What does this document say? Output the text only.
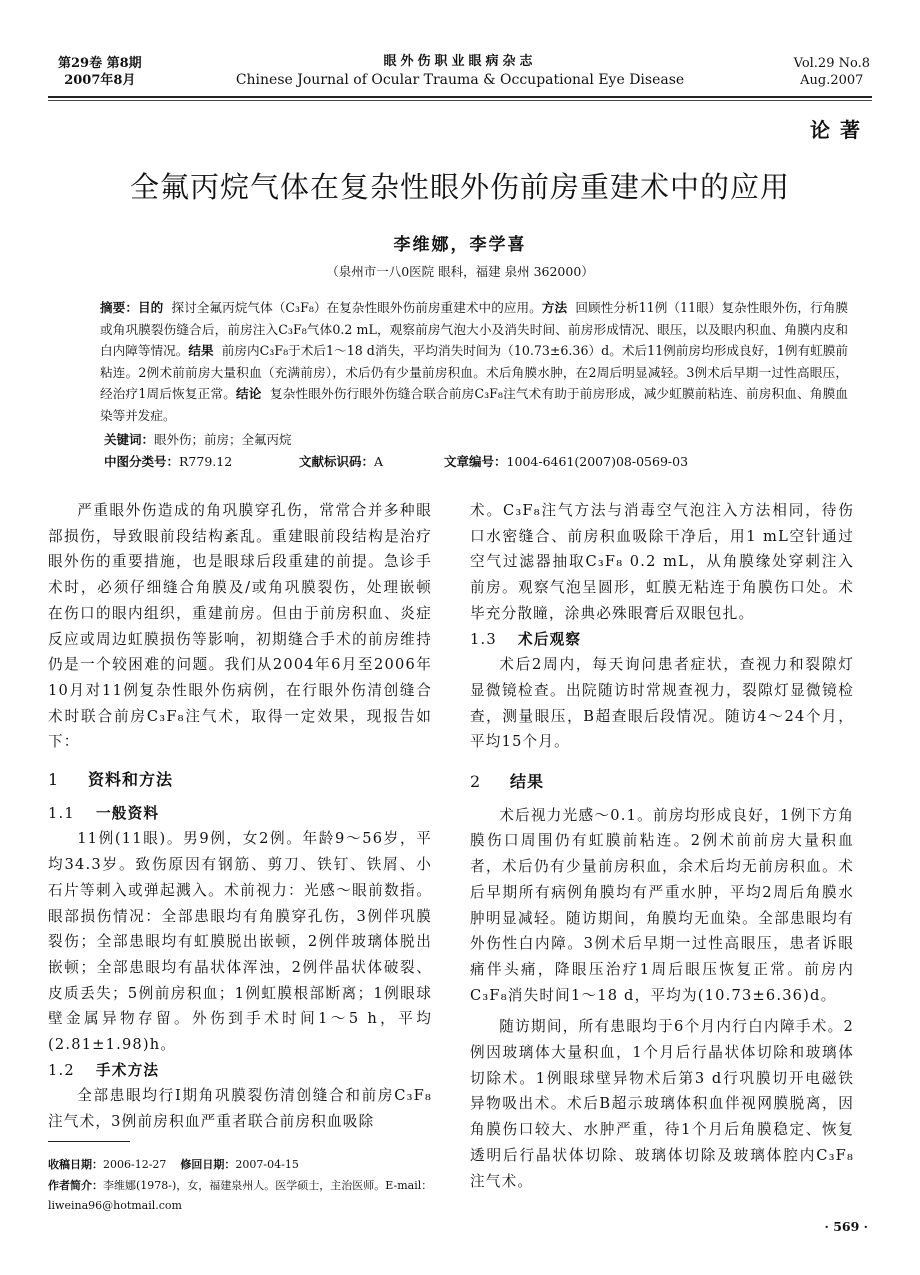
第29卷 第8期
2007年8月
眼外伤职业眼病杂志
Chinese Journal of Ocular Trauma & Occupational Eye Disease
Vol.29 No.8
Aug.2007
论著
全氟丙烷气体在复杂性眼外伤前房重建术中的应用
李维娜，李学喜
（泉州市一八0医院 眼科，福建 泉州 362000）
摘要：目的 探讨全氟丙烷气体（C₃F₈）在复杂性眼外伤前房重建术中的应用。方法 回顾性分析11例（11眼）复杂性眼外伤，行角膜或角巩膜裂伤缝合后，前房注入C₃F₈气体0.2 mL，观察前房气泡大小及消失时间、前房形成情况、眼压，以及眼内积血、角膜内皮和白内障等情况。结果 前房内C₃F₈于术后1～18 d消失，平均消失时间为（10.73±6.36）d。术后11例前房均形成良好，1例有虹膜前粘连。2例术前前房大量积血（充满前房），术后仍有少量前房积血。术后角膜水肿，在2周后明显减轻。3例术后早期一过性高眼压，经治疗1周后恢复正常。结论 复杂性眼外伤行眼外伤缝合联合前房C₃F₈注气术有助于前房形成，减少虹膜前粘连、前房积血、角膜血染等并发症。
关键词：眼外伤；前房；全氟丙烷
中图分类号：R779.12	文献标识码：A	文章编号：1004-6461(2007)08-0569-03

严重眼外伤造成的角巩膜穿孔伤，常常合并多种眼部损伤，导致眼前段结构紊乱。重建眼前段结构是治疗眼外伤的重要措施，也是眼球后段重建的前提。急诊手术时，必须仔细缝合角膜及/或角巩膜裂伤，处理嵌顿在伤口的眼内组织，重建前房。但由于前房积血、炎症反应或周边虹膜损伤等影响，初期缝合手术的前房维持仍是一个较困难的问题。我们从2004年6月至2006年10月对11例复杂性眼外伤病例，在行眼外伤清创缝合术时联合前房C₃F₈注气术，取得一定效果，现报告如下：

1 资料和方法
1.1 一般资料

11例(11眼)。男9例，女2例。年龄9～56岁，平均34.3岁。致伤原因有钢筋、剪刀、铁钉、铁屑、小石片等刺入或弹起溅入。术前视力：光感～眼前数指。眼部损伤情况：全部患眼均有角膜穿孔伤，3例伴巩膜裂伤；全部患眼均有虹膜脱出嵌顿，2例伴玻璃体脱出嵌顿；全部患眼均有晶状体浑浊，2例伴晶状体破裂、皮质丢失；5例前房积血；1例虹膜根部断离；1例眼球壁金属异物存留。外伤到手术时间1～5 h，平均(2.81±1.98)h。

1.2 手术方法

全部患眼均行Ⅰ期角巩膜裂伤清创缝合和前房C₃F₈注气术，3例前房积血严重者联合前房积血吸除

术。C₃F₈注气方法与消毒空气泡注入方法相同，待伤口水密缝合、前房积血吸除干净后，用1 mL空针通过空气过滤器抽取C₃F₈ 0.2 mL，从角膜缘处穿刺注入前房。观察气泡呈圆形，虹膜无粘连于角膜伤口处。术毕充分散瞳，涂典必殊眼膏后双眼包扎。

1.3 术后观察

术后2周内，每天询问患者症状，查视力和裂隙灯显微镜检查。出院随访时常规查视力，裂隙灯显微镜检查，测量眼压，B超查眼后段情况。随访4～24个月，平均15个月。

2 结果

术后视力光感～0.1。前房均形成良好，1例下方角膜伤口周围仍有虹膜前粘连。2例术前前房大量积血者，术后仍有少量前房积血，余术后均无前房积血。术后早期所有病例角膜均有严重水肿，平均2周后角膜水肿明显减轻。随访期间，角膜均无血染。全部患眼均有外伤性白内障。3例术后早期一过性高眼压，患者诉眼痛伴头痛，降眼压治疗1周后眼压恢复正常。前房内C₃F₈消失时间1～18 d，平均为(10.73±6.36)d。

随访期间，所有患眼均于6个月内行白内障手术。2例因玻璃体大量积血，1个月后行晶状体切除和玻璃体切除术。1例眼球壁异物术后第3 d行巩膜切开电磁铁异物吸出术。术后B超示玻璃体积血伴视网膜脱离，因角膜伤口较大、水肿严重，待1个月后角膜稳定、恢复透明后行晶状体切除、玻璃体切除及玻璃体腔内C₃F₈注气术。

收稿日期：2006-12-27 修回日期：2007-04-15
作者简介：李维娜(1978-)，女，福建泉州人。医学硕士，主治医师。E-mail：liweina96@hotmail.com
· 569 ·
